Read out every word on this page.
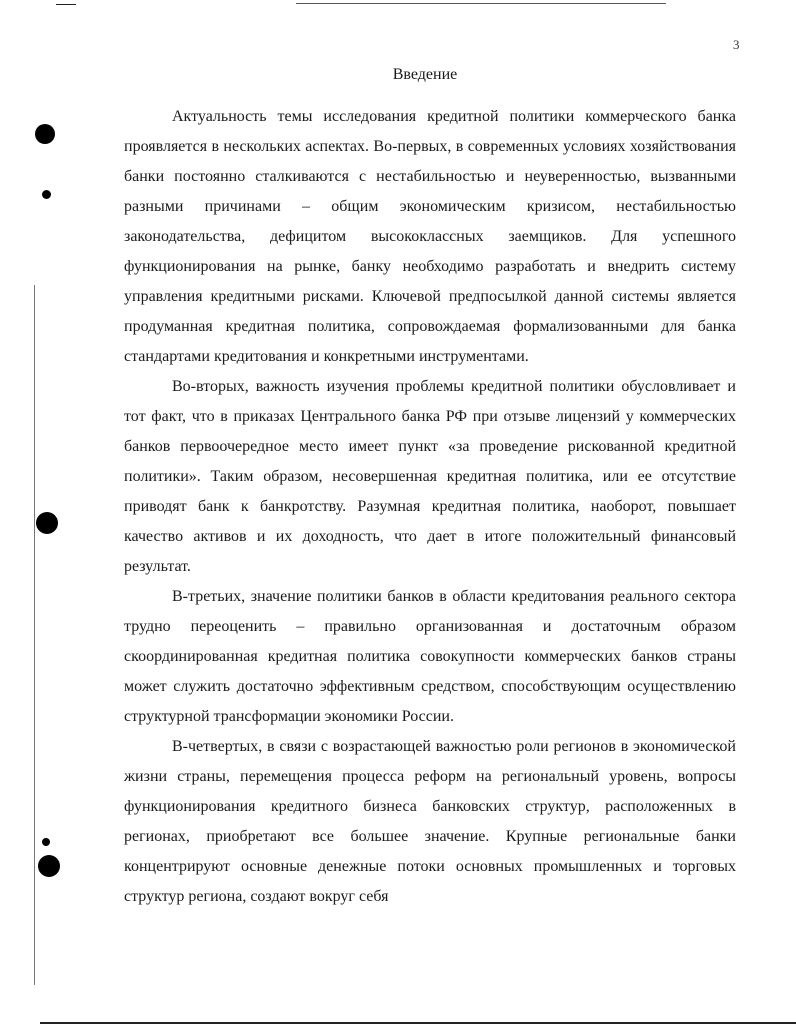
3
Введение

Актуальность темы исследования кредитной политики коммерческого банка проявляется в нескольких аспектах. Во-первых, в современных условиях хозяйствования банки постоянно сталкиваются с нестабильностью и неуверенностью, вызванными разными причинами – общим экономическим кризисом, нестабильностью законодательства, дефицитом высококлассных заемщиков. Для успешного функционирования на рынке, банку необходимо разработать и внедрить систему управления кредитными рисками. Ключевой предпосылкой данной системы является продуманная кредитная политика, сопровождаемая формализованными для банка стандартами кредитования и конкретными инструментами.

Во-вторых, важность изучения проблемы кредитной политики обусловливает и тот факт, что в приказах Центрального банка РФ при отзыве лицензий у коммерческих банков первоочередное место имеет пункт «за проведение рискованной кредитной политики». Таким образом, несовершенная кредитная политика, или ее отсутствие приводят банк к банкротству. Разумная кредитная политика, наоборот, повышает качество активов и их доходность, что дает в итоге положительный финансовый результат.

В-третьих, значение политики банков в области кредитования реального сектора трудно переоценить – правильно организованная и достаточным образом скоординированная кредитная политика совокупности коммерческих банков страны может служить достаточно эффективным средством, способствующим осуществлению структурной трансформации экономики России.

В-четвертых, в связи с возрастающей важностью роли регионов в экономической жизни страны, перемещения процесса реформ на региональный уровень, вопросы функционирования кредитного бизнеса банковских структур, расположенных в регионах, приобретают все большее значение. Крупные региональные банки концентрируют основные денежные потоки основных промышленных и торговых структур региона, создают вокруг себя
